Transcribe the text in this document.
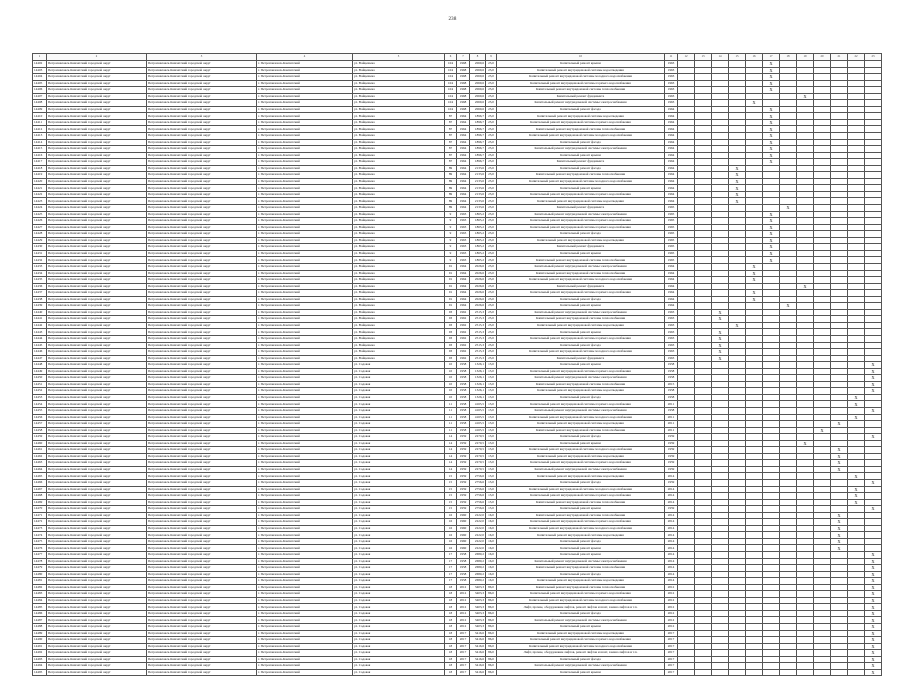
238
1	2	3	4	5	6	7	8	9	10	11	12	13	14	15	16	17	18	19	20	21	22	23
14402	Петропавловск-Камчатский городской округ	Петропавловск-Камчатский городской округ	г. Петропавловск-Камчатский	ул. Войцешека	104	1968	2069,6	23,0	Капитальный ремонт крыши	1963						X						
14403	Петропавловск-Камчатский городской округ	Петропавловск-Камчатский городской округ	г. Петропавловск-Камчатский	ул. Войцешека	104	1968	2069,6	23,0	Капитальный ремонт внутридомовой системы водоотведения	1963						X						
14404	Петропавловск-Камчатский городской округ	Петропавловск-Камчатский городской округ	г. Петропавловск-Камчатский	ул. Войцешека	104	1968	2069,6	23,0	Капитальный ремонт внутридомовой системы холодного водоснабжения	1963						X						
14405	Петропавловск-Камчатский городской округ	Петропавловск-Камчатский городской округ	г. Петропавловск-Камчатский	ул. Войцешека	104	1968	2069,6	23,0	Капитальный ремонт внутридомовой системы горячего водоснабжения	1963						X						
14406	Петропавловск-Камчатский городской округ	Петропавловск-Камчатский городской округ	г. Петропавловск-Камчатский	ул. Войцешека	104	1968	2069,6	23,0	Капитальный ремонт внутридомовой системы теплоснабжения	1963						X						
14407	Петропавловск-Камчатский городской округ	Петропавловск-Камчатский городской округ	г. Петропавловск-Камчатский	ул. Войцешека	104	1968	2069,6	23,0	Капитальный ремонт фундамента	1963								X				
14408	Петропавловск-Камчатский городской округ	Петропавловск-Камчатский городской округ	г. Петропавловск-Камчатский	ул. Войцешека	104	1968	2069,6	23,0	Капитальный ремонт внутридомовой системы электроснабжения	1963					X							
14409	Петропавловск-Камчатский городской округ	Петропавловск-Камчатский городской округ	г. Петропавловск-Камчатский	ул. Войцешека	104	1968	2069,6	23,0	Капитальный ремонт фасада	1964						X						
14410	Петропавловск-Камчатский городской округ	Петропавловск-Камчатский городской округ	г. Петропавловск-Камчатский	ул. Войцешека	87	1964	1896,7	23,0	Капитальный ремонт внутридомовой системы водоотведения	1964						X						
14411	Петропавловск-Камчатский городской округ	Петропавловск-Камчатский городской округ	г. Петропавловск-Камчатский	ул. Войцешека	87	1964	1896,7	23,0	Капитальный ремонт внутридомовой системы горячего водоснабжения	1964						X						
14412	Петропавловск-Камчатский городской округ	Петропавловск-Камчатский городской округ	г. Петропавловск-Камчатский	ул. Войцешека	87	1964	1896,7	23,0	Капитальный ремонт внутридомовой системы теплоснабжения	1964						X						
14413	Петропавловск-Камчатский городской округ	Петропавловск-Камчатский городской округ	г. Петропавловск-Камчатский	ул. Войцешека	87	1964	1896,7	23,0	Капитальный ремонт внутридомовой системы холодного водоснабжения	1964						X						
14414	Петропавловск-Камчатский городской округ	Петропавловск-Камчатский городской округ	г. Петропавловск-Камчатский	ул. Войцешека	87	1964	1896,7	23,0	Капитальный ремонт фасада	1964						X						
14415	Петропавловск-Камчатский городской округ	Петропавловск-Камчатский городской округ	г. Петропавловск-Камчатский	ул. Войцешека	87	1964	1896,7	23,0	Капитальный ремонт внутридомовой системы электроснабжения	1964						X						
14416	Петропавловск-Камчатский городской округ	Петропавловск-Камчатский городской округ	г. Петропавловск-Камчатский	ул. Войцешека	87	1964	1896,7	23,0	Капитальный ремонт крыши	1964						X						
14417	Петропавловск-Камчатский городской округ	Петропавловск-Камчатский городской округ	г. Петропавловск-Камчатский	ул. Войцешека	87	1964	1896,7	23,0	Капитальный ремонт фундамента	1964						X						
14418	Петропавловск-Камчатский городской округ	Петропавловск-Камчатский городской округ	г. Петропавловск-Камчатский	ул. Войцешека	89	1964	2133,6	23,0	Капитальный ремонт фасада	1964				X								
14419	Петропавловск-Камчатский городской округ	Петропавловск-Камчатский городской округ	г. Петропавловск-Камчатский	ул. Войцешека	89	1964	2133,6	23,0	Капитальный ремонт внутридомовой системы теплоснабжения	1964				X								
14420	Петропавловск-Камчатский городской округ	Петропавловск-Камчатский городской округ	г. Петропавловск-Камчатский	ул. Войцешека	89	1964	2133,6	23,0	Капитальный ремонт внутридомовой системы холодного водоснабжения	1964				X								
14421	Петропавловск-Камчатский городской округ	Петропавловск-Камчатский городской округ	г. Петропавловск-Камчатский	ул. Войцешека	89	1964	2133,6	23,0	Капитальный ремонт крыши	1964				X								
14422	Петропавловск-Камчатский городской округ	Петропавловск-Камчатский городской округ	г. Петропавловск-Камчатский	ул. Войцешека	89	1964	2133,6	23,0	Капитальный ремонт внутридомовой системы горячего водоснабжения	1964				X								
14423	Петропавловск-Камчатский городской округ	Петропавловск-Камчатский городской округ	г. Петропавловск-Камчатский	ул. Войцешека	89	1964	2133,6	23,0	Капитальный ремонт внутридомовой системы водоотведения	1964				X								
14424	Петропавловск-Камчатский городской округ	Петропавловск-Камчатский городской округ	г. Петропавловск-Камчатский	ул. Войцешека	89	1964	2133,6	23,0	Капитальный ремонт фундамента	1965							X					
14425	Петропавловск-Камчатский городской округ	Петропавловск-Камчатский городской округ	г. Петропавловск-Камчатский	ул. Войцешека	9	1963	1865,2	23,0	Капитальный ремонт внутридомовой системы электроснабжения	1965						X						
14426	Петропавловск-Камчатский городской округ	Петропавловск-Камчатский городской округ	г. Петропавловск-Камчатский	ул. Войцешека	9	1963	1865,2	23,0	Капитальный ремонт внутридомовой системы горячего водоснабжения	1965						X						
14427	Петропавловск-Камчатский городской округ	Петропавловск-Камчатский городской округ	г. Петропавловск-Камчатский	ул. Войцешека	9	1963	1865,2	23,0	Капитальный ремонт внутридомовой системы горячего водоснабжения	1965						X						
14428	Петропавловск-Камчатский городской округ	Петропавловск-Камчатский городской округ	г. Петропавловск-Камчатский	ул. Войцешека	9	1963	1865,2	23,0	Капитальный ремонт фасада	1965						X						
14429	Петропавловск-Камчатский городской округ	Петропавловск-Камчатский городской округ	г. Петропавловск-Камчатский	ул. Войцешека	9	1963	1865,2	23,0	Капитальный ремонт внутридомовой системы водоотведения	1965						X						
14430	Петропавловск-Камчатский городской округ	Петропавловск-Камчатский городской округ	г. Петропавловск-Камчатский	ул. Войцешека	9	1963	1865,2	23,0	Капитальный ремонт фундамента	1965						X						
14431	Петропавловск-Камчатский городской округ	Петропавловск-Камчатский городской округ	г. Петропавловск-Камчатский	ул. Войцешека	9	1963	1865,2	23,0	Капитальный ремонт крыши	1965						X						
14432	Петропавловск-Камчатский городской округ	Петропавловск-Камчатский городской округ	г. Петропавловск-Камчатский	ул. Войцешека	9	1963	1865,2	23,0	Капитальный ремонт внутридомовой системы теплоснабжения	1965						X						
14433	Петропавловск-Камчатский городской округ	Петропавловск-Камчатский городской округ	г. Петропавловск-Камчатский	ул. Войцешека	91	1964	2026,6	23,0	Капитальный ремонт внутридомовой системы электроснабжения	1964					X							
14434	Петропавловск-Камчатский городской округ	Петропавловск-Камчатский городской округ	г. Петропавловск-Камчатский	ул. Войцешека	91	1964	2026,6	23,0	Капитальный ремонт внутридомовой системы теплоснабжения	1964					X							
14435	Петропавловск-Камчатский городской округ	Петропавловск-Камчатский городской округ	г. Петропавловск-Камчатский	ул. Войцешека	91	1964	2026,6	23,0	Капитальный ремонт внутридомовой системы холодного водоснабжения	1964					X							
14436	Петропавловск-Камчатский городской округ	Петропавловск-Камчатский городской округ	г. Петропавловск-Камчатский	ул. Войцешека	91	1964	2026,6	23,0	Капитальный ремонт фундамента	1964								X				
14437	Петропавловск-Камчатский городской округ	Петропавловск-Камчатский городской округ	г. Петропавловск-Камчатский	ул. Войцешека	91	1964	2026,6	23,0	Капитальный ремонт внутридомовой системы горячего водоснабжения	1964					X							
14438	Петропавловск-Камчатский городской округ	Петропавловск-Камчатский городской округ	г. Петропавловск-Камчатский	ул. Войцешека	91	1964	2026,6	23,0	Капитальный ремонт фасада	1964					X							
14439	Петропавловск-Камчатский городской округ	Петропавловск-Камчатский городской округ	г. Петропавловск-Камчатский	ул. Войцешека	91	1964	2026,6	23,0	Капитальный ремонт крыши	1964							X					
14440	Петропавловск-Камчатский городской округ	Петропавловск-Камчатский городской округ	г. Петропавловск-Камчатский	ул. Войцешека	93	1962	2515,3	23,0	Капитальный ремонт внутридомовой системы электроснабжения	1963			X									
14441	Петропавловск-Камчатский городской округ	Петропавловск-Камчатский городской округ	г. Петропавловск-Камчатский	ул. Войцешека	93	1962	2515,3	23,0	Капитальный ремонт внутридомовой системы теплоснабжения	1963			X									
14442	Петропавловск-Камчатский городской округ	Петропавловск-Камчатский городской округ	г. Петропавловск-Камчатский	ул. Войцешека	93	1962	2515,3	23,0	Капитальный ремонт внутридомовой системы водоотведения	1963				X								
14443	Петропавловск-Камчатский городской округ	Петропавловск-Камчатский городской округ	г. Петропавловск-Камчатский	ул. Войцешека	93	1962	2515,3	23,0	Капитальный ремонт крыши	1963			X									
14444	Петропавловск-Камчатский городской округ	Петропавловск-Камчатский городской округ	г. Петропавловск-Камчатский	ул. Войцешека	93	1962	2515,3	23,0	Капитальный ремонт внутридомовой системы горячего водоснабжения	1963			X									
14445	Петропавловск-Камчатский городской округ	Петропавловск-Камчатский городской округ	г. Петропавловск-Камчатский	ул. Войцешека	93	1962	2515,3	23,0	Капитальный ремонт фасада	1963			X									
14446	Петропавловск-Камчатский городской округ	Петропавловск-Камчатский городской округ	г. Петропавловск-Камчатский	ул. Войцешека	93	1962	2515,3	23,0	Капитальный ремонт внутридомовой системы холодного водоснабжения	1963			X									
14447	Петропавловск-Камчатский городской округ	Петропавловск-Камчатский городской округ	г. Петропавловск-Камчатский	ул. Войцешека	93	1962	2515,3	23,0	Капитальный ремонт фундамента	1963			X									
14448	Петропавловск-Камчатский городской округ	Петропавловск-Камчатский городской округ	г. Петропавловск-Камчатский	ул. Садовая	10	1958	1326,1	13,0	Капитальный ремонт крыши	1958												X
14449	Петропавловск-Камчатский городской округ	Петропавловск-Камчатский городской округ	г. Петропавловск-Камчатский	ул. Садовая	10	1958	1326,1	13,0	Капитальный ремонт внутридомовой системы горячего водоснабжения	1958												X
14450	Петропавловск-Камчатский городской округ	Петропавловск-Камчатский городской округ	г. Петропавловск-Камчатский	ул. Садовая	10	1958	1326,1	13,0	Капитальный ремонт внутридомовой системы электроснабжения	1958												X
14451	Петропавловск-Камчатский городской округ	Петропавловск-Камчатский городской округ	г. Петропавловск-Камчатский	ул. Садовая	10	1958	1326,1	13,0	Капитальный ремонт внутридомовой системы теплоснабжения	2015												X
14452	Петропавловск-Камчатский городской округ	Петропавловск-Камчатский городской округ	г. Петропавловск-Камчатский	ул. Садовая	10	1958	1326,1	13,0	Капитальный ремонт внутридомовой системы водоотведения	1958												X
14453	Петропавловск-Камчатский городской округ	Петропавловск-Камчатский городской округ	г. Петропавловск-Камчатский	ул. Садовая	10	1958	1326,1	13,0	Капитальный ремонт фасада	1958											X	
14454	Петропавловск-Камчатский городской округ	Петропавловск-Камчатский городской округ	г. Петропавловск-Камчатский	ул. Садовая	11	1958	4165,5	13,0	Капитальный ремонт внутридомовой системы горячего водоснабжения	2011											X	
14455	Петропавловск-Камчатский городской округ	Петропавловск-Камчатский городской округ	г. Петропавловск-Камчатский	ул. Садовая	11	1958	4165,5	13,0	Капитальный ремонт внутридомовой системы электроснабжения	1958												X
14456	Петропавловск-Камчатский городской округ	Петропавловск-Камчатский городской округ	г. Петропавловск-Камчатский	ул. Садовая	11	1958	4165,5	13,0	Капитальный ремонт внутридомовой системы холодного водоснабжения	2011											X	
14457	Петропавловск-Камчатский городской округ	Петропавловск-Камчатский городской округ	г. Петропавловск-Камчатский	ул. Садовая	11	1958	4165,5	13,0	Капитальный ремонт внутридомовой системы водоотведения	2011										X		
14458	Петропавловск-Камчатский городской округ	Петропавловск-Камчатский городской округ	г. Петропавловск-Камчатский	ул. Садовая	11	1958	4165,5	13,0	Капитальный ремонт внутридомовой системы теплоснабжения	2011									X			
14459	Петропавловск-Камчатский городской округ	Петропавловск-Камчатский городской округ	г. Петропавловск-Камчатский	ул. Садовая	14	1959	2270,5	13,0	Капитальный ремонт фасада	1959												X
14460	Петропавловск-Камчатский городской округ	Петропавловск-Камчатский городской округ	г. Петропавловск-Камчатский	ул. Садовая	14	1959	2270,5	13,0	Капитальный ремонт крыши	1959								X				
14461	Петропавловск-Камчатский городской округ	Петропавловск-Камчатский городской округ	г. Петропавловск-Камчатский	ул. Садовая	14	1959	2270,5	13,0	Капитальный ремонт внутридомовой системы холодного водоснабжения	1959										X		
14462	Петропавловск-Камчатский городской округ	Петропавловск-Камчатский городской округ	г. Петропавловск-Камчатский	ул. Садовая	14	1959	2270,5	13,0	Капитальный ремонт внутридомовой системы водоотведения	1959										X		
14463	Петропавловск-Камчатский городской округ	Петропавловск-Камчатский городской округ	г. Петропавловск-Камчатский	ул. Садовая	14	1959	2270,5	13,0	Капитальный ремонт внутридомовой системы горячего водоснабжения	1959										X		
14464	Петропавловск-Камчатский городской округ	Петропавловск-Камчатский городской округ	г. Петропавловск-Камчатский	ул. Садовая	14	1959	2270,5	13,0	Капитальный ремонт внутридомовой системы электроснабжения	1959										X		
14465	Петропавловск-Камчатский городской округ	Петропавловск-Камчатский городской округ	г. Петропавловск-Камчатский	ул. Садовая	15	1959	2756,6	13,0	Капитальный ремонт внутридомовой системы водоотведения	2014											X	
14466	Петропавловск-Камчатский городской округ	Петропавловск-Камчатский городской округ	г. Петропавловск-Камчатский	ул. Садовая	15	1959	2756,6	13,0	Капитальный ремонт фасада	1959												X
14467	Петропавловск-Камчатский городской округ	Петропавловск-Камчатский городской округ	г. Петропавловск-Камчатский	ул. Садовая	15	1959	2756,6	13,0	Капитальный ремонт внутридомовой системы холодного водоснабжения	2014											X	
14468	Петропавловск-Камчатский городской округ	Петропавловск-Камчатский городской округ	г. Петропавловск-Камчатский	ул. Садовая	15	1959	2756,6	13,0	Капитальный ремонт внутридомовой системы горячего водоснабжения	2014											X	
14469	Петропавловск-Камчатский городской округ	Петропавловск-Камчатский городской округ	г. Петропавловск-Камчатский	ул. Садовая	15	1959	2756,6	13,0	Капитальный ремонт внутридомовой системы теплоснабжения	2014											X	
14470	Петропавловск-Камчатский городской округ	Петропавловск-Камчатский городской округ	г. Петропавловск-Камчатский	ул. Садовая	15	1959	2756,6	13,0	Капитальный ремонт крыши	1959												X
14471	Петропавловск-Камчатский городской округ	Петропавловск-Камчатский городской округ	г. Петропавловск-Камчатский	ул. Садовая	16	1960	2222,0	16,0	Капитальный ремонт внутридомовой системы теплоснабжения	2014										X		
14472	Петропавловск-Камчатский городской округ	Петропавловск-Камчатский городской округ	г. Петропавловск-Камчатский	ул. Садовая	16	1960	2222,0	16,0	Капитальный ремонт внутридомовой системы горячего водоснабжения	2014										X		
14473	Петропавловск-Камчатский городской округ	Петропавловск-Камчатский городской округ	г. Петропавловск-Камчатский	ул. Садовая	16	1960	2222,0	16,0	Капитальный ремонт внутридомовой системы холодного водоснабжения	2014										X		
14474	Петропавловск-Камчатский городской округ	Петропавловск-Камчатский городской округ	г. Петропавловск-Камчатский	ул. Садовая	16	1960	2222,0	16,0	Капитальный ремонт внутридомовой системы водоотведения	2014										X		
14475	Петропавловск-Камчатский городской округ	Петропавловск-Камчатский городской округ	г. Петропавловск-Камчатский	ул. Садовая	16	1960	2222,0	16,0	Капитальный ремонт фасада	2014										X		
14476	Петропавловск-Камчатский городской округ	Петропавловск-Камчатский городской округ	г. Петропавловск-Камчатский	ул. Садовая	16	1960	2222,0	16,0	Капитальный ремонт крыши	2014										X		
14477	Петропавловск-Камчатский городской округ	Петропавловск-Камчатский городской округ	г. Петропавловск-Камчатский	ул. Садовая	17	1958	2680,2	16,0	Капитальный ремонт крыши	2014												X
14478	Петропавловск-Камчатский городской округ	Петропавловск-Камчатский городской округ	г. Петропавловск-Камчатский	ул. Садовая	17	1958	2680,2	16,0	Капитальный ремонт внутридомовой системы электроснабжения	2014												X
14479	Петропавловск-Камчатский городской округ	Петропавловск-Камчатский городской округ	г. Петропавловск-Камчатский	ул. Садовая	17	1958	2680,2	16,0	Капитальный ремонт внутридомовой системы теплоснабжения	2014												X
14480	Петропавловск-Камчатский городской округ	Петропавловск-Камчатский городской округ	г. Петропавловск-Камчатский	ул. Садовая	17	1958	2680,2	16,0	Капитальный ремонт фасада	2014												X
14481	Петропавловск-Камчатский городской округ	Петропавловск-Камчатский городской округ	г. Петропавловск-Камчатский	ул. Садовая	17	1958	2680,2	16,0	Капитальный ремонт внутридомовой системы водоотведения	2014												X
14482	Петропавловск-Камчатский городской округ	Петропавловск-Камчатский городской округ	г. Петропавловск-Камчатский	ул. Садовая	18	2012	3403,3	86,0	Капитальный ремонт внутридомовой системы теплоснабжения	2012												X
14483	Петропавловск-Камчатский городской округ	Петропавловск-Камчатский городской округ	г. Петропавловск-Камчатский	ул. Садовая	18	2012	3403,3	86,0	Капитальный ремонт внутридомовой системы горячего водоснабжения	2012												X
14484	Петропавловск-Камчатский городской округ	Петропавловск-Камчатский городской округ	г. Петропавловск-Камчатский	ул. Садовая	18	2012	3403,3	86,0	Капитальный ремонт внутридомовой системы холодного водоснабжения	2012												X
14485	Петропавловск-Камчатский городской округ	Петропавловск-Камчатский городской округ	г. Петропавловск-Камчатский	ул. Садовая	18	2012	3403,3	86,0	Лифт, прочие, оборудование лифтов, ремонт лифтов и шахт, замена лифтов и т.п.	2012												X
14486	Петропавловск-Камчатский городской округ	Петропавловск-Камчатский городской округ	г. Петропавловск-Камчатский	ул. Садовая	18	2012	3403,3	86,0	Капитальный ремонт фасада	2012												X
14487	Петропавловск-Камчатский городской округ	Петропавловск-Камчатский городской округ	г. Петропавловск-Камчатский	ул. Садовая	18	2012	3403,3	86,0	Капитальный ремонт внутридомовой системы электроснабжения	2012												X
14488	Петропавловск-Камчатский городской округ	Петропавловск-Камчатский городской округ	г. Петропавловск-Камчатский	ул. Садовая	18	2012	3403,3	86,0	Капитальный ремонт крыши	2012												X
14489	Петропавловск-Камчатский городской округ	Петропавловск-Камчатский городской округ	г. Петропавловск-Камчатский	ул. Садовая	18	2017	3416,6	86,0	Капитальный ремонт внутридомовой системы водоотведения	2017												X
14490	Петропавловск-Камчатский городской округ	Петропавловск-Камчатский городской округ	г. Петропавловск-Камчатский	ул. Садовая	18	2017	3416,6	86,0	Капитальный ремонт внутридомовой системы горячего водоснабжения	2017												X
14491	Петропавловск-Камчатский городской округ	Петропавловск-Камчатский городской округ	г. Петропавловск-Камчатский	ул. Садовая	18	2017	3416,6	86,0	Капитальный ремонт внутридомовой системы холодного водоснабжения	2017												X
14492	Петропавловск-Камчатский городской округ	Петропавловск-Камчатский городской округ	г. Петропавловск-Камчатский	ул. Садовая	18	2017	3416,6	86,0	Лифт, прочие, оборудование лифтов, ремонт лифтов и шахт, замена лифтов и т.п.	2017												X
14493	Петропавловск-Камчатский городской округ	Петропавловск-Камчатский городской округ	г. Петропавловск-Камчатский	ул. Садовая	18	2017	3416,6	86,0	Капитальный ремонт фасада	2017												X
14494	Петропавловск-Камчатский городской округ	Петропавловск-Камчатский городской округ	г. Петропавловск-Камчатский	ул. Садовая	18	2017	3416,6	86,0	Капитальный ремонт внутридомовой системы электроснабжения	2017												X
14495	Петропавловск-Камчатский городской округ	Петропавловск-Камчатский городской округ	г. Петропавловск-Камчатский	ул. Садовая	18	2017	3416,6	86,0	Капитальный ремонт крыши	2017												X
